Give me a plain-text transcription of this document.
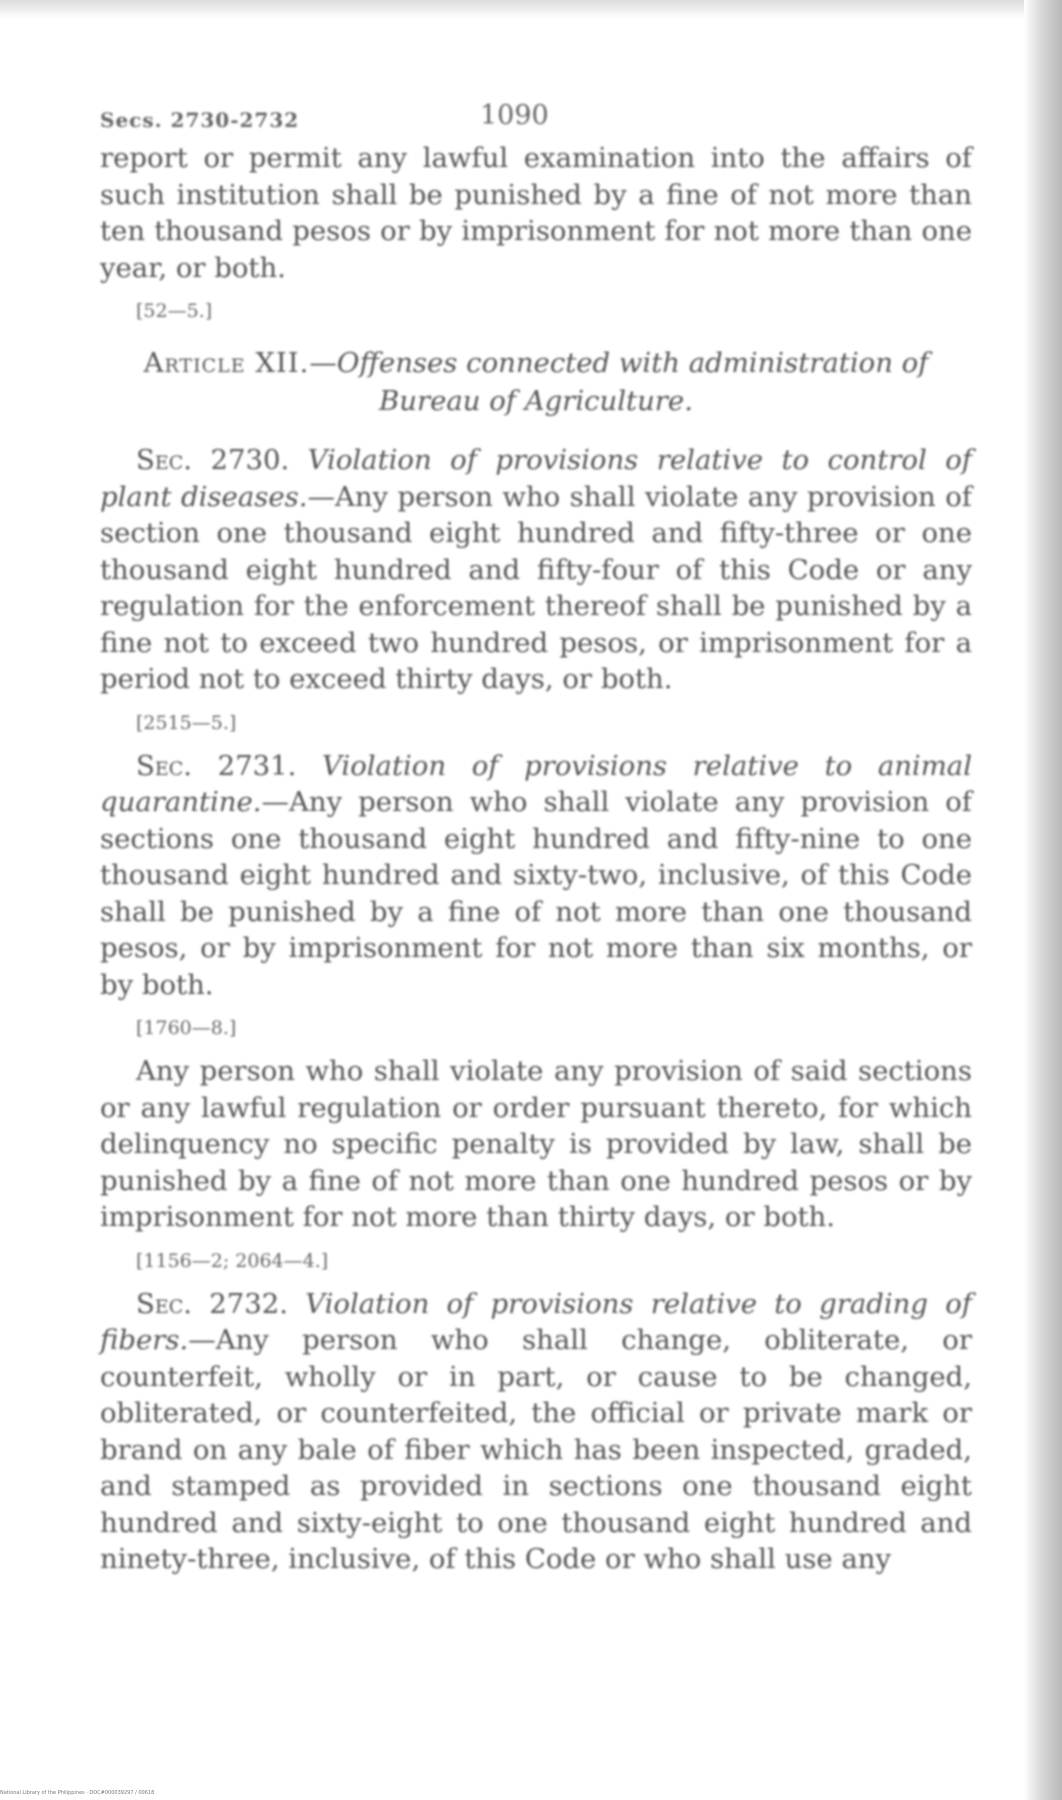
Secs. 2730-2732	1090

report or permit any lawful examination into the affairs of such institution shall be punished by a fine of not more than ten thousand pesos or by imprisonment for not more than one year, or both.

[52—5.]
Article XII.—Offenses connected with administration of
Bureau of Agriculture.

Sec. 2730. Violation of provisions relative to control of plant diseases.—Any person who shall violate any provision of section one thousand eight hundred and fifty-three or one thousand eight hundred and fifty-four of this Code or any regulation for the enforcement thereof shall be punished by a fine not to exceed two hundred pesos, or imprisonment for a period not to exceed thirty days, or both.

[2515—5.]

Sec. 2731. Violation of provisions relative to animal quarantine.—Any person who shall violate any provision of sections one thousand eight hundred and fifty-nine to one thousand eight hundred and sixty-two, inclusive, of this Code shall be punished by a fine of not more than one thousand pesos, or by imprisonment for not more than six months, or by both.

[1760—8.]

Any person who shall violate any provision of said sections or any lawful regulation or order pursuant thereto, for which delinquency no specific penalty is provided by law, shall be punished by a fine of not more than one hundred pesos or by imprisonment for not more than thirty days, or both.

[1156—2; 2064—4.]

Sec. 2732. Violation of provisions relative to grading of fibers.—Any person who shall change, obliterate, or counterfeit, wholly or in part, or cause to be changed, obliterated, or counterfeited, the official or private mark or brand on any bale of fiber which has been inspected, graded, and stamped as provided in sections one thousand eight hundred and sixty-eight to one thousand eight hundred and ninety-three, inclusive, of this Code or who shall use any

National Library of the Philippines · DOC#000039297 / 00618
